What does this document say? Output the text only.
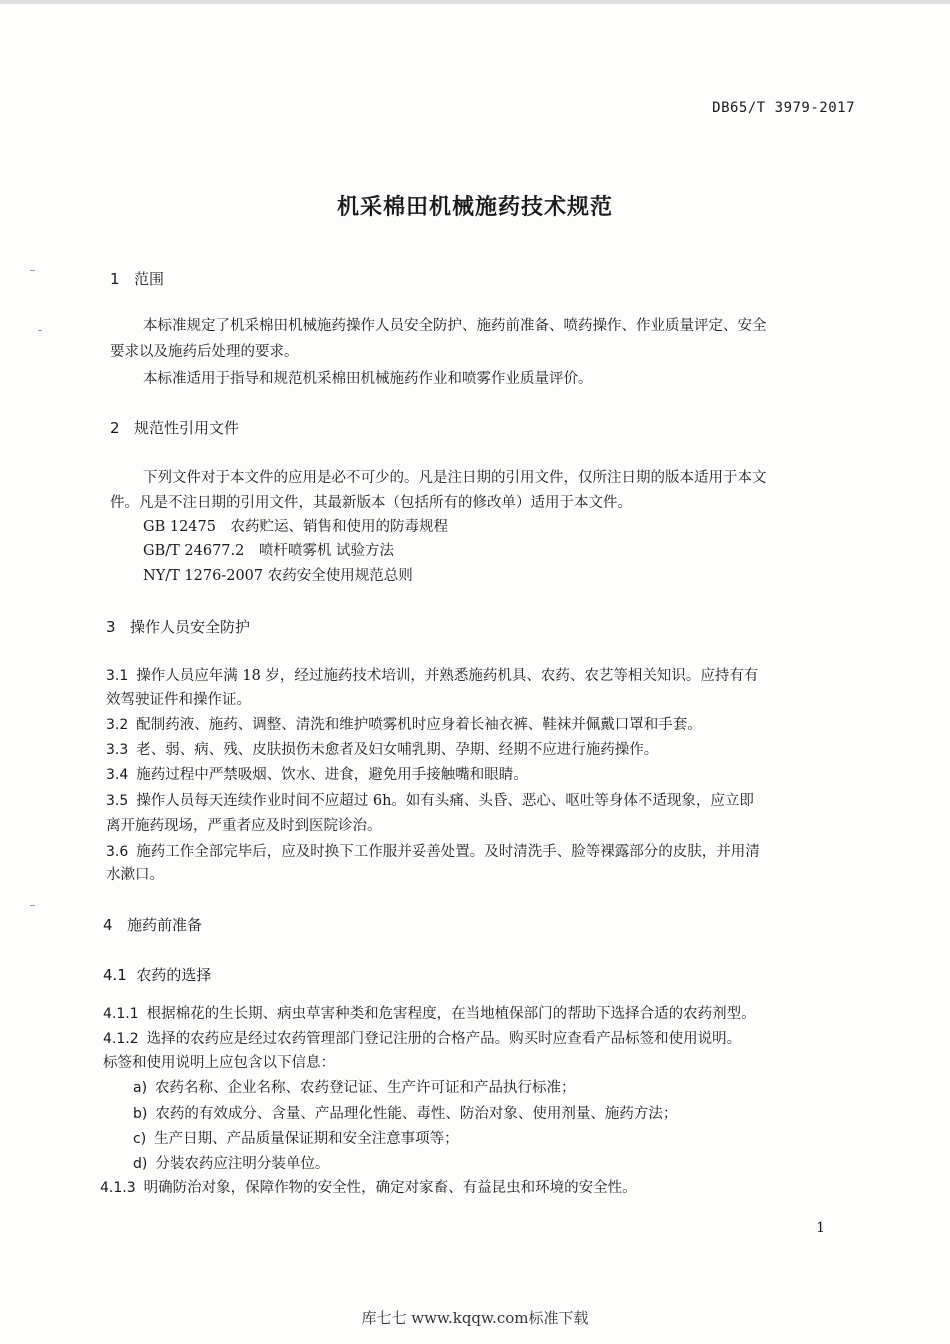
DB65/T 3979-2017
机采棉田机械施药技术规范
1 范围
本标准规定了机采棉田机械施药操作人员安全防护、施药前准备、喷药操作、作业质量评定、安全
要求以及施药后处理的要求。
本标准适用于指导和规范机采棉田机械施药作业和喷雾作业质量评价。
2 规范性引用文件
下列文件对于本文件的应用是必不可少的。凡是注日期的引用文件，仅所注日期的版本适用于本文
件。凡是不注日期的引用文件，其最新版本（包括所有的修改单）适用于本文件。
GB 12475　农药贮运、销售和使用的防毒规程
GB/T 24677.2　喷杆喷雾机 试验方法
NY/T 1276-2007 农药安全使用规范总则
3 操作人员安全防护
3.1 操作人员应年满 18 岁，经过施药技术培训，并熟悉施药机具、农药、农艺等相关知识。应持有有
效驾驶证件和操作证。
3.2 配制药液、施药、调整、清洗和维护喷雾机时应身着长袖衣裤、鞋袜并佩戴口罩和手套。
3.3 老、弱、病、残、皮肤损伤未愈者及妇女哺乳期、孕期、经期不应进行施药操作。
3.4 施药过程中严禁吸烟、饮水、进食，避免用手接触嘴和眼睛。
3.5 操作人员每天连续作业时间不应超过 6h。如有头痛、头昏、恶心、呕吐等身体不适现象，应立即
离开施药现场，严重者应及时到医院诊治。
3.6 施药工作全部完毕后，应及时换下工作服并妥善处置。及时清洗手、脸等裸露部分的皮肤，并用清
水漱口。
4 施药前准备
4.1 农药的选择
4.1.1 根据棉花的生长期、病虫草害种类和危害程度，在当地植保部门的帮助下选择合适的农药剂型。
4.1.2 选择的农药应是经过农药管理部门登记注册的合格产品。购买时应查看产品标签和使用说明。
标签和使用说明上应包含以下信息：
a) 农药名称、企业名称、农药登记证、生产许可证和产品执行标准；
b) 农药的有效成分、含量、产品理化性能、毒性、防治对象、使用剂量、施药方法；
c) 生产日期、产品质量保证期和安全注意事项等；
d) 分装农药应注明分装单位。
4.1.3 明确防治对象，保障作物的安全性，确定对家畜、有益昆虫和环境的安全性。
1
库七七 www.kqqw.com标准下载
